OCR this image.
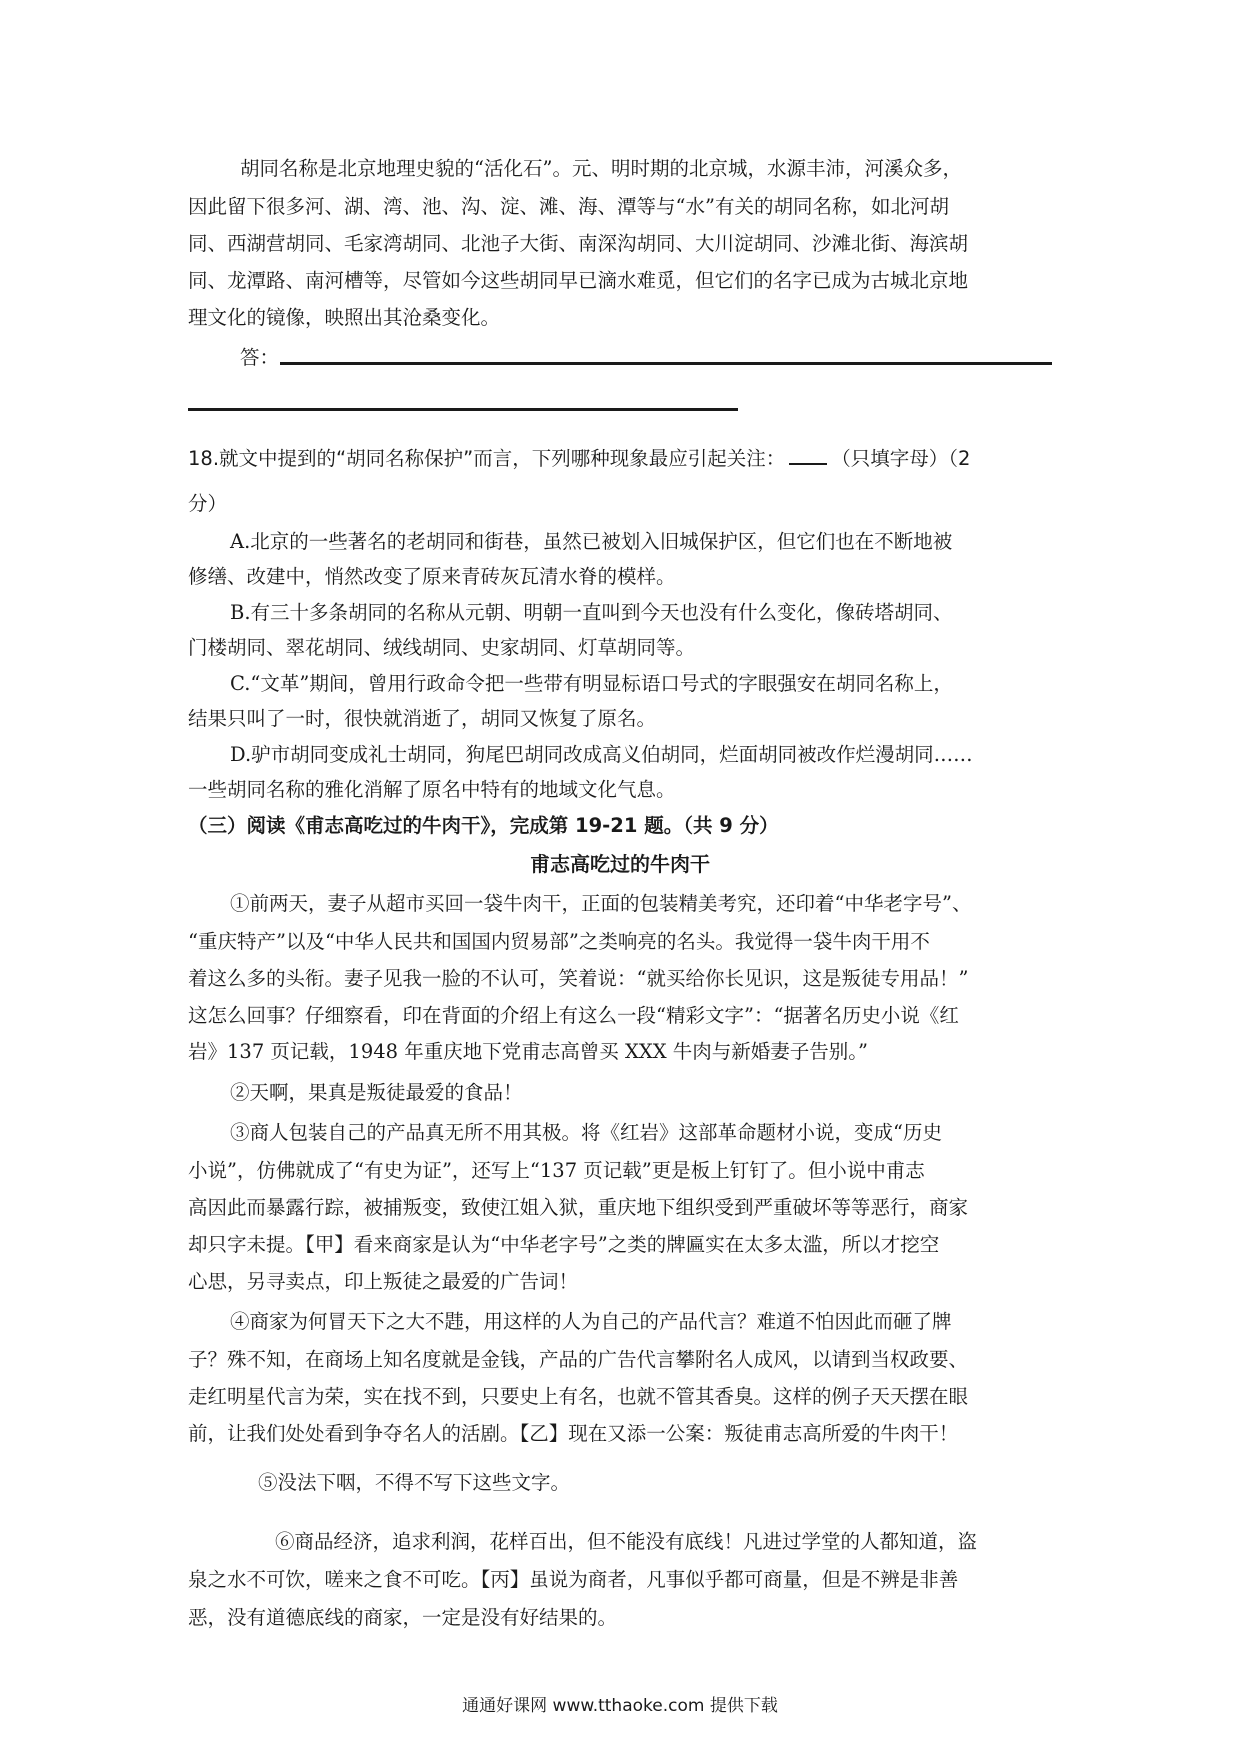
胡同名称是北京地理史貌的“活化石”。元、明时期的北京城，水源丰沛，河溪众多，
因此留下很多河、湖、湾、池、沟、淀、滩、海、潭等与“水”有关的胡同名称，如北河胡
同、西湖营胡同、毛家湾胡同、北池子大街、南深沟胡同、大川淀胡同、沙滩北街、海滨胡
同、龙潭路、南河槽等，尽管如今这些胡同早已滴水难觅，但它们的名字已成为古城北京地
理文化的镜像，映照出其沧桑变化。
答：
18.就文中提到的“胡同名称保护”而言，下列哪种现象最应引起关注： （只填字母）（2
分）
A.北京的一些著名的老胡同和街巷，虽然已被划入旧城保护区，但它们也在不断地被
修缮、改建中，悄然改变了原来青砖灰瓦清水脊的模样。
B.有三十多条胡同的名称从元朝、明朝一直叫到今天也没有什么变化，像砖塔胡同、
门楼胡同、翠花胡同、绒线胡同、史家胡同、灯草胡同等。
C.“文革”期间，曾用行政命令把一些带有明显标语口号式的字眼强安在胡同名称上，
结果只叫了一时，很快就消逝了，胡同又恢复了原名。
D.驴市胡同变成礼士胡同，狗尾巴胡同改成高义伯胡同，烂面胡同被改作烂漫胡同……
一些胡同名称的雅化消解了原名中特有的地域文化气息。
（三）阅读《甫志高吃过的牛肉干》，完成第 19-21 题。（共 9 分）
甫志高吃过的牛肉干
①前两天，妻子从超市买回一袋牛肉干，正面的包装精美考究，还印着“中华老字号”、
“重庆特产”以及“中华人民共和国国内贸易部”之类响亮的名头。我觉得一袋牛肉干用不
着这么多的头衔。妻子见我一脸的不认可，笑着说：“就买给你长见识，这是叛徒专用品！”
这怎么回事？仔细察看，印在背面的介绍上有这么一段“精彩文字”：“据著名历史小说《红
岩》137 页记载，1948 年重庆地下党甫志高曾买 XXX 牛肉与新婚妻子告别。”
②天啊，果真是叛徒最爱的食品！
③商人包装自己的产品真无所不用其极。将《红岩》这部革命题材小说，变成“历史
小说”，仿佛就成了“有史为证”，还写上“137 页记载”更是板上钉钉了。但小说中甫志
高因此而暴露行踪，被捕叛变，致使江姐入狱，重庆地下组织受到严重破坏等等恶行，商家
却只字未提。【甲】看来商家是认为“中华老字号”之类的牌匾实在太多太滥，所以才挖空
心思，另寻卖点，印上叛徒之最爱的广告词！
④商家为何冒天下之大不韪，用这样的人为自己的产品代言？难道不怕因此而砸了牌
子？殊不知，在商场上知名度就是金钱，产品的广告代言攀附名人成风，以请到当权政要、
走红明星代言为荣，实在找不到，只要史上有名，也就不管其香臭。这样的例子天天摆在眼
前，让我们处处看到争夺名人的活剧。【乙】现在又添一公案：叛徒甫志高所爱的牛肉干！
⑤没法下咽，不得不写下这些文字。
⑥商品经济，追求利润，花样百出，但不能没有底线！凡进过学堂的人都知道，盗
泉之水不可饮，嗟来之食不可吃。【丙】虽说为商者，凡事似乎都可商量，但是不辨是非善
恶，没有道德底线的商家，一定是没有好结果的。
通通好课网 www.tthaoke.com 提供下载
